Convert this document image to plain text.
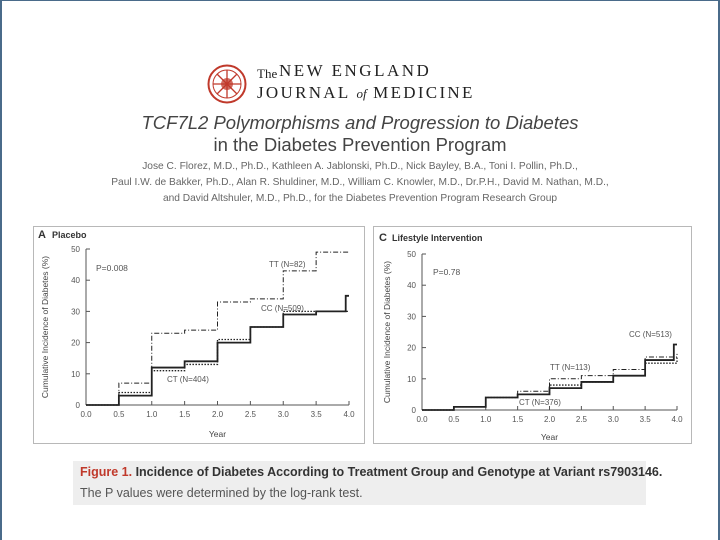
The NEW ENGLAND
JOURNAL of MEDICINE
TCF7L2 Polymorphisms and Progression to Diabetes
in the Diabetes Prevention Program
Jose C. Florez, M.D., Ph.D., Kathleen A. Jablonski, Ph.D., Nick Bayley, B.A., Toni I. Pollin, Ph.D.,
Paul I.W. de Bakker, Ph.D., Alan R. Shuldiner, M.D., William C. Knowler, M.D., Dr.P.H., David M. Nathan, M.D.,
and David Altshuler, M.D., Ph.D., for the Diabetes Prevention Program Research Group
A Placebo
0
10
20
30
40
50
0.0	0.5	1.0	1.5	2.0	2.5	3.0	3.5	4.0
Cumulative Incidence of Diabetes (%)
Year
P=0.008	TT (N=82)
CC (N=509)
CT (N=404)
C Lifestyle Intervention
0
10
20
30
40
50
0.0	0.5	1.0	1.5	2.0	2.5	3.0	3.5	4.0
Cumulative Incidence of Diabetes (%)
Year
P=0.78
CC (N=513)
TT (N=113)
CT (N=376)
Figure 1. Incidence of Diabetes According to Treatment Group and Genotype at Variant rs7903146.
The P values were determined by the log-rank test.
